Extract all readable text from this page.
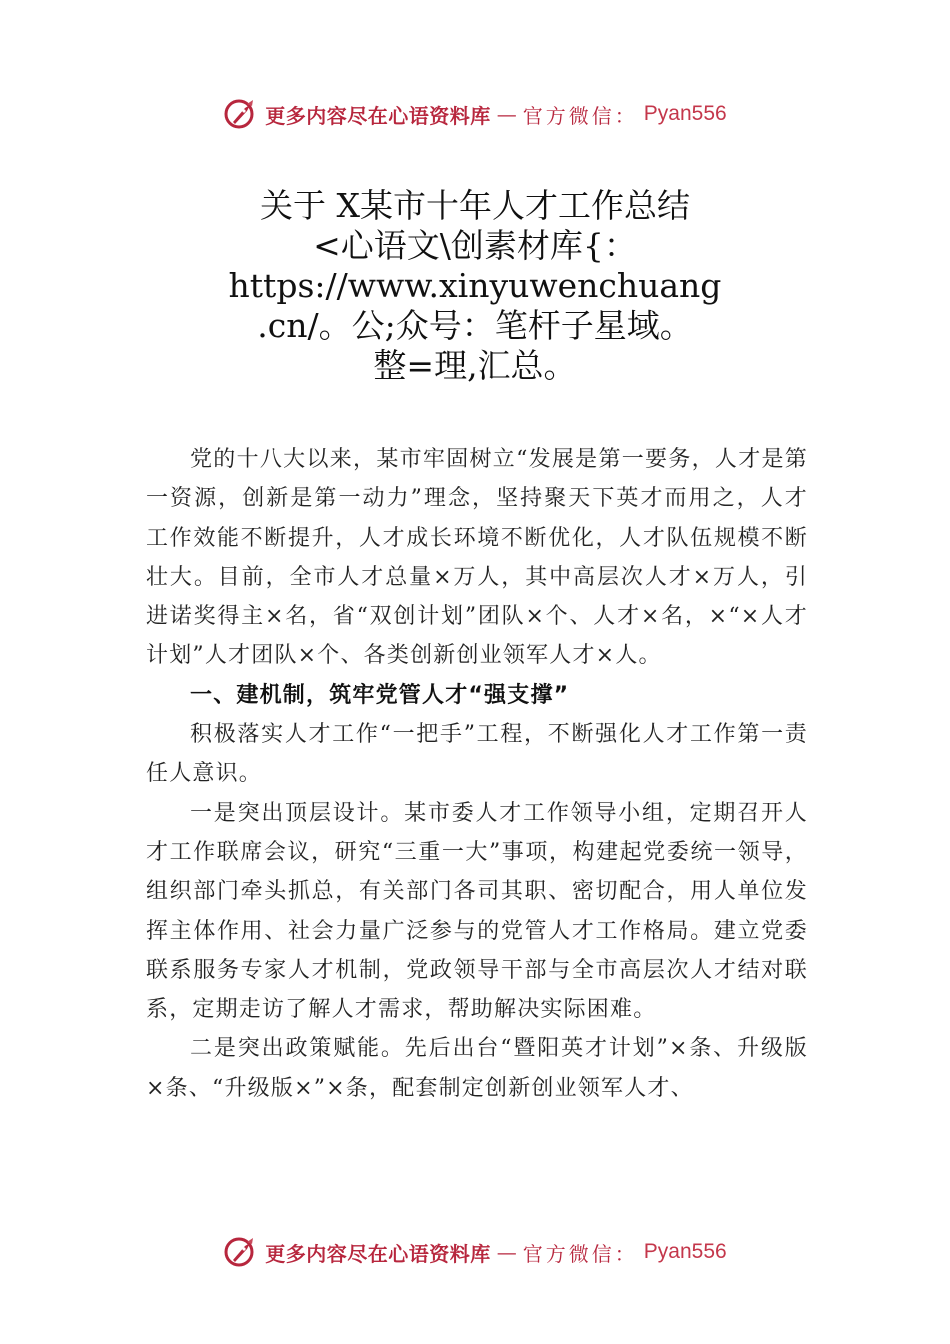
更多内容尽在心语资料库 — 官方微信： Pyan556
关于 X某市十年人才工作总结
<心语文\创素材库{：
https://www.xinyuwenchuang
.cn/。公;众号：笔杆子星域。
整=理,汇总。

党的十八大以来，某市牢固树立“发展是第一要务，人才是第一资源，创新是第一动力”理念，坚持聚天下英才而用之，人才工作效能不断提升，人才成长环境不断优化，人才队伍规模不断壮大。目前，全市人才总量×万人，其中高层次人才×万人，引进诺奖得主×名，省“双创计划”团队×个、人才×名，×“×人才计划”人才团队×个、各类创新创业领军人才×人。

一、建机制，筑牢党管人才“强支撑”

积极落实人才工作“一把手”工程，不断强化人才工作第一责任人意识。

一是突出顶层设计。某市委人才工作领导小组，定期召开人才工作联席会议，研究“三重一大”事项，构建起党委统一领导，组织部门牵头抓总，有关部门各司其职、密切配合，用人单位发挥主体作用、社会力量广泛参与的党管人才工作格局。建立党委联系服务专家人才机制，党政领导干部与全市高层次人才结对联系，定期走访了解人才需求，帮助解决实际困难。

二是突出政策赋能。先后出台“暨阳英才计划”×条、升级版×条、“升级版×”×条，配套制定创新创业领军人才、

更多内容尽在心语资料库 — 官方微信： Pyan556
